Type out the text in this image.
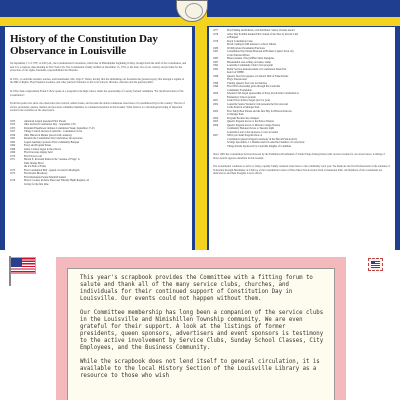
History of the Constitution Day Observance in Louisville

On September 17 of 1787, at 4:00 p.m., the Constitutional Convention, which met in Philadelphia beginning in May, brought forth the draft of the Constitution, and sent it to Congress, then meeting in New York City. The Constitution, finally ratified on December 15, 1791, is the basic law of our country and provides for the protection of our rights, freedoms, responsibilities and liberties.

In 1951, a Louisville resident, teacher, and homemaker, Mrs. Olga T. Weber, having first the stimulating our freedoms the greatest legacy that through a regime of the Bill of Rights, Flag Etiquette booklets, and other patriotic literature to the local schools, libraries, churches and the general public.

In 1952, then-congressman Frank T. Bow spoke at a program in the high school, under the sponsorship of a newly formed committee "For the Preservation of the Constitution".

From that point ever since, the observance has evolved, added events, and become the oldest continuous observance of Constitution Day in the country. The list of events, presidents, queens, themes and proceeds committee members is contained elsewhere in this booklet. What follows is a chronological listing of important events in the evolution of the observance.

1953	American Legion presented First Parade
1955	Ohio declared Constitution Day - September 17th
1955	President Eisenhower initiates Constitution Week, September 17-23
1957	Village Council declares Louisville - Constitution Town
1959	Ohio Historical Marker placed with ceremony
1961	Presents the Constitution Day Celebration; Incorporated
1962	Legion Auxiliary sponsors First Community Banquet
1964	Essay and Program Prizes
1966	Junior Contest begun in the schools
1969	First fireworks display held
1970	First Flower sold
1971	Harold E. Rowland Instructs the "Avenue of Flags" to
Dam Orange Bowl
the Ice Hole of Fame
1972	First Constitution Ball - Queen crowned in Madrigals
1975	First Rodeo Broadway
First Marionette Parade Marshall named
1976	Mayor Coonan, Roberta Sheet and Timothy Hight Register, all
Living for the first time
1977	First Fishing and Petition, each Permitted, Senior Citizens Award
1978	Arbor Day Prohibit marked First Citizen of the Year by Rowan Club
at Banquet
1979	Royal Constitution Cake
Booth coming ICOM mission to school Tribute
1980	ICOM picture Presidential Elections
1981	Constitution Day Parade Honored in Brothers Capitol Town city
to the National Prince
1985	Bruer presents of KeyOfFire Sister Delegates
1987	Bicentennial area-rolling outcomes, stamp
1992	Louisville Community Choir's first program
1993	Public Service Announcement on Constitution Week first
heard on WHBC
1996	Queen's float first appears at Canton's Hall of Fame Parade
Flag's Sleeparound
1998	Visiting Queen's float was last hardtop
1999	First 8250 scholarship given through the Louisville
Community Foundation
2000	Kiwanis Club began sponsorship of Pony, Pee & Knit Constitution at
Elementary School grounds
2001	Grand Tricycle Race began (last 1st year)
2002	Louisville Senior Woman's Club presents the first Arts and
Crafts Festival at Metzger Park
2003	First Teddy Bear Parade and the first Hay for Balloon Pancorn
at Metzger Park
2004	Program Booklet size changed
2005	Queen's Pageant moves to the Palace Theatre
2006	Queen's Pageant moves to Malone College Theatre
Community Banquet moves to Tuesday night
Louisville Lion's Club sponsors a voter on tennis
2007	50th Lyon Team Program show at
Constitution Queen's Pageant ceremony in the Harold Fein Activity
Savings Specialists J. J. Builded and in Louisville Chamber of Corrections
Village Parade Sponsored by Louisville Knights of Columbus

Since 1981 the Constitution Section honored by the Exhibition Presidential of Trailer Fingo Pennsylvania with various wreaths for our observances. A listing of those awards appears elsewhere in this booklet.

The Constitution continues to strive to bring a quality family centered observance to the community each year. We thank are the first Professionals of the students of Schweitze through Hostmaker at T-Mo in, at the Constitution Center of Wise Mass Words Action from Constitution Park. All members of the constituents are dedicated to and their thoughts is now efforts.

This year's scrapbook provides the Committee with a fitting forum to salute and thank all of the many service clubs, churches, and individuals for their continued support of Constitution Day in Louisville. Our events could not happen without them.

Our Committee membership has long been a companion of the service clubs in the Louisville and Nimishillen Township community. We are even grateful for their support. A look at the listings of former presidents, queen sponsors, advertisers and event sponsors is testimony to the active involvement by Service Clubs, Sunday School Classes, City Employees, and the Business Community.

While the scrapbook does not lend itself to general circulation, it is available to the local History Section of the Louisville Library as a resource to those who wish
